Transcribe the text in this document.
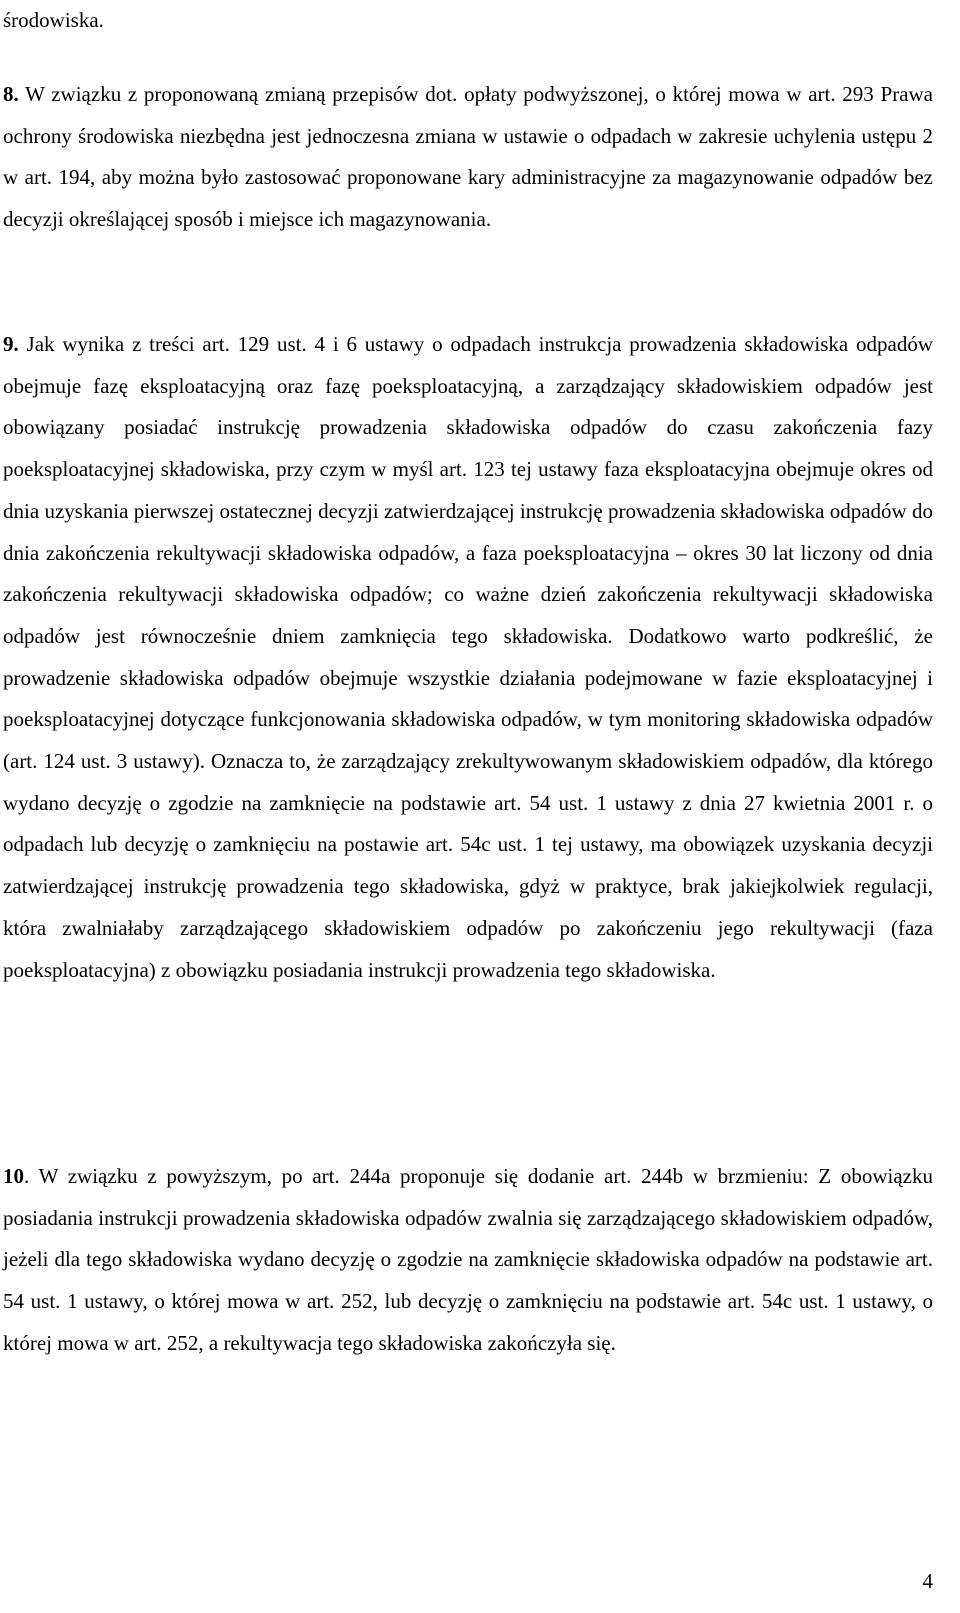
środowiska.

8. W związku z proponowaną zmianą przepisów dot. opłaty podwyższonej, o której mowa w art. 293 Prawa ochrony środowiska niezbędna jest jednoczesna zmiana w ustawie o odpadach w zakresie uchylenia ustępu 2 w art. 194, aby można było zastosować proponowane kary administracyjne za magazynowanie odpadów bez decyzji określającej sposób i miejsce ich magazynowania.

9. Jak wynika z treści art. 129 ust. 4 i 6 ustawy o odpadach instrukcja prowadzenia składowiska odpadów obejmuje fazę eksploatacyjną oraz fazę poeksploatacyjną, a zarządzający składowiskiem odpadów jest obowiązany posiadać instrukcję prowadzenia składowiska odpadów do czasu zakończenia fazy poeksploatacyjnej składowiska, przy czym w myśl art. 123 tej ustawy faza eksploatacyjna obejmuje okres od dnia uzyskania pierwszej ostatecznej decyzji zatwierdzającej instrukcję prowadzenia składowiska odpadów do dnia zakończenia rekultywacji składowiska odpadów, a faza poeksploatacyjna – okres 30 lat liczony od dnia zakończenia rekultywacji składowiska odpadów; co ważne dzień zakończenia rekultywacji składowiska odpadów jest równocześnie dniem zamknięcia tego składowiska. Dodatkowo warto podkreślić, że prowadzenie składowiska odpadów obejmuje wszystkie działania podejmowane w fazie eksploatacyjnej i poeksploatacyjnej dotyczące funkcjonowania składowiska odpadów, w tym monitoring składowiska odpadów (art. 124 ust. 3 ustawy). Oznacza to, że zarządzający zrekultywowanym składowiskiem odpadów, dla którego wydano decyzję o zgodzie na zamknięcie na podstawie art. 54 ust. 1 ustawy z dnia 27 kwietnia 2001 r. o odpadach lub decyzję o zamknięciu na postawie art. 54c ust. 1 tej ustawy, ma obowiązek uzyskania decyzji zatwierdzającej instrukcję prowadzenia tego składowiska, gdyż w praktyce, brak jakiejkolwiek regulacji, która zwalniałaby zarządzającego składowiskiem odpadów po zakończeniu jego rekultywacji (faza poeksploatacyjna) z obowiązku posiadania instrukcji prowadzenia tego składowiska.

10. W związku z powyższym, po art. 244a proponuje się dodanie art. 244b w brzmieniu: Z obowiązku posiadania instrukcji prowadzenia składowiska odpadów zwalnia się zarządzającego składowiskiem odpadów, jeżeli dla tego składowiska wydano decyzję o zgodzie na zamknięcie składowiska odpadów na podstawie art. 54 ust. 1 ustawy, o której mowa w art. 252, lub decyzję o zamknięciu na podstawie art. 54c ust. 1 ustawy, o której mowa w art. 252, a rekultywacja tego składowiska zakończyła się.

4
